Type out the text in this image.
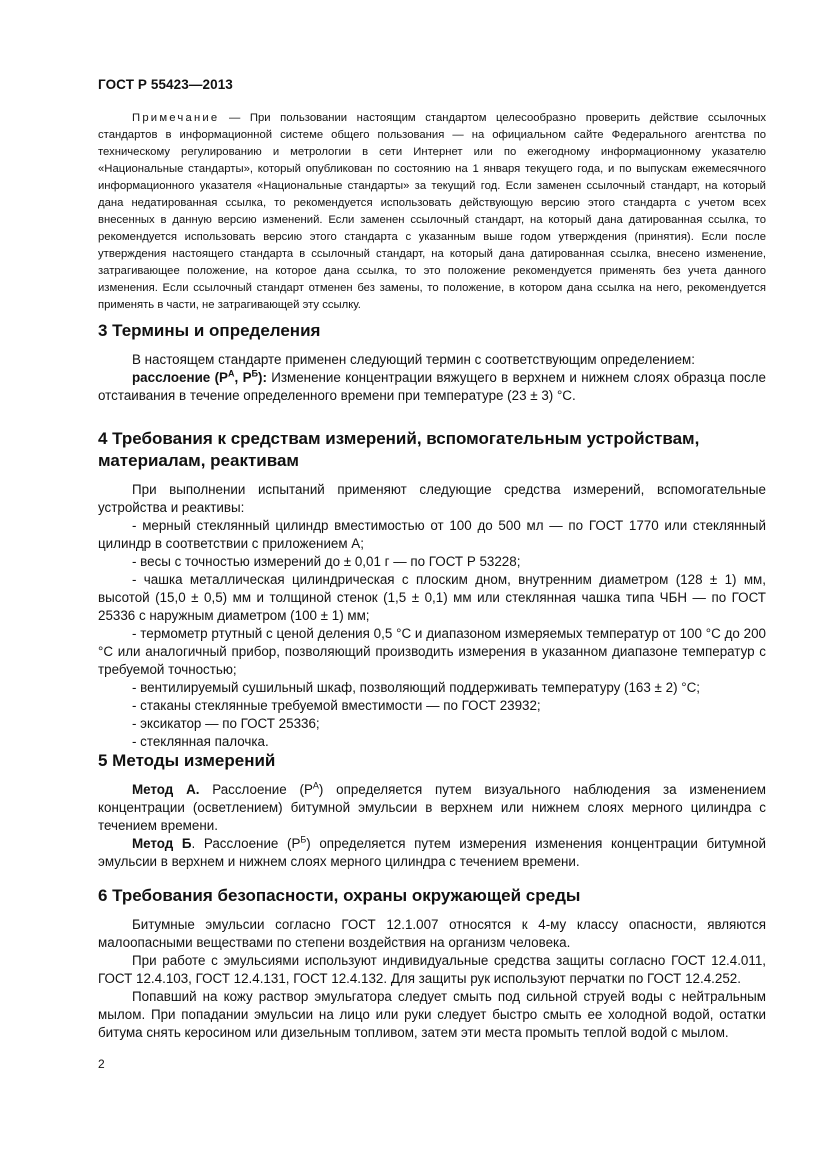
ГОСТ Р 55423—2013

Примечание — При пользовании настоящим стандартом целесообразно проверить действие ссылочных стандартов в информационной системе общего пользования — на официальном сайте Федерального агентства по техническому регулированию и метрологии в сети Интернет или по ежегодному информационному указателю «Национальные стандарты», который опубликован по состоянию на 1 января текущего года, и по выпускам ежемесячного информационного указателя «Национальные стандарты» за текущий год. Если заменен ссылочный стандарт, на который дана недатированная ссылка, то рекомендуется использовать действующую версию этого стандарта с учетом всех внесенных в данную версию изменений. Если заменен ссылочный стандарт, на который дана датированная ссылка, то рекомендуется использовать версию этого стандарта с указанным выше годом утверждения (принятия). Если после утверждения настоящего стандарта в ссылочный стандарт, на который дана датированная ссылка, внесено изменение, затрагивающее положение, на которое дана ссылка, то это положение рекомендуется применять без учета данного изменения. Если ссылочный стандарт отменен без замены, то положение, в котором дана ссылка на него, рекомендуется применять в части, не затрагивающей эту ссылку.

3 Термины и определения

В настоящем стандарте применен следующий термин с соответствующим определением:

расслоение ($Р^А$, $Р^Б$): Изменение концентрации вяжущего в верхнем и нижнем слоях образца после отстаивания в течение определенного времени при температуре (23 ± 3) °С.

4 Требования к средствам измерений, вспомогательным устройствам, материалам, реактивам

При выполнении испытаний применяют следующие средства измерений, вспомогательные устройства и реактивы:

- мерный стеклянный цилиндр вместимостью от 100 до 500 мл — по ГОСТ 1770 или стеклянный цилиндр в соответствии с приложением А;

- весы с точностью измерений до ± 0,01 г — по ГОСТ Р 53228;

- чашка металлическая цилиндрическая с плоским дном, внутренним диаметром (128 ± 1) мм, высотой (15,0 ± 0,5) мм и толщиной стенок (1,5 ± 0,1) мм или стеклянная чашка типа ЧБН — по ГОСТ 25336 с наружным диаметром (100 ± 1) мм;

- термометр ртутный с ценой деления 0,5 °С и диапазоном измеряемых температур от 100 °С до 200 °С или аналогичный прибор, позволяющий производить измерения в указанном диапазоне температур с требуемой точностью;

- вентилируемый сушильный шкаф, позволяющий поддерживать температуру (163 ± 2) °С;

- стаканы стеклянные требуемой вместимости — по ГОСТ 23932;

- эксикатор — по ГОСТ 25336;

- стеклянная палочка.

5 Методы измерений

Метод А. Расслоение $(Р^А)$ определяется путем визуального наблюдения за изменением концентрации (осветлением) битумной эмульсии в верхнем или нижнем слоях мерного цилиндра с течением времени.

Метод Б. Расслоение $(Р^Б)$ определяется путем измерения изменения концентрации битумной эмульсии в верхнем и нижнем слоях мерного цилиндра с течением времени.

6 Требования безопасности, охраны окружающей среды

Битумные эмульсии согласно ГОСТ 12.1.007 относятся к 4-му классу опасности, являются малоопасными веществами по степени воздействия на организм человека.

При работе с эмульсиями используют индивидуальные средства защиты согласно ГОСТ 12.4.011, ГОСТ 12.4.103, ГОСТ 12.4.131, ГОСТ 12.4.132. Для защиты рук используют перчатки по ГОСТ 12.4.252.

Попавший на кожу раствор эмульгатора следует смыть под сильной струей воды с нейтральным мылом. При попадании эмульсии на лицо или руки следует быстро смыть ее холодной водой, остатки битума снять керосином или дизельным топливом, затем эти места промыть теплой водой с мылом.

2
